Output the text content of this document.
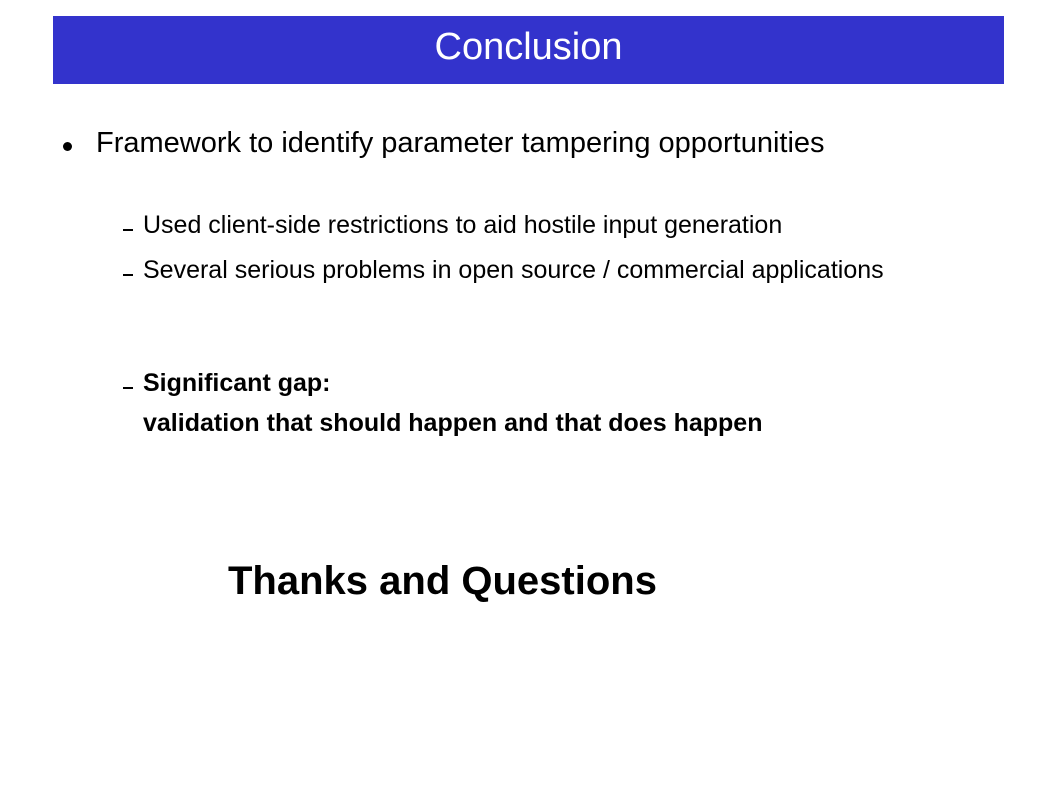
Conclusion
Framework to identify parameter tampering opportunities
Used client-side restrictions to aid hostile input generation
Several serious problems in open source / commercial applications
Significant gap:
validation that should happen and that does happen
Thanks and Questions
